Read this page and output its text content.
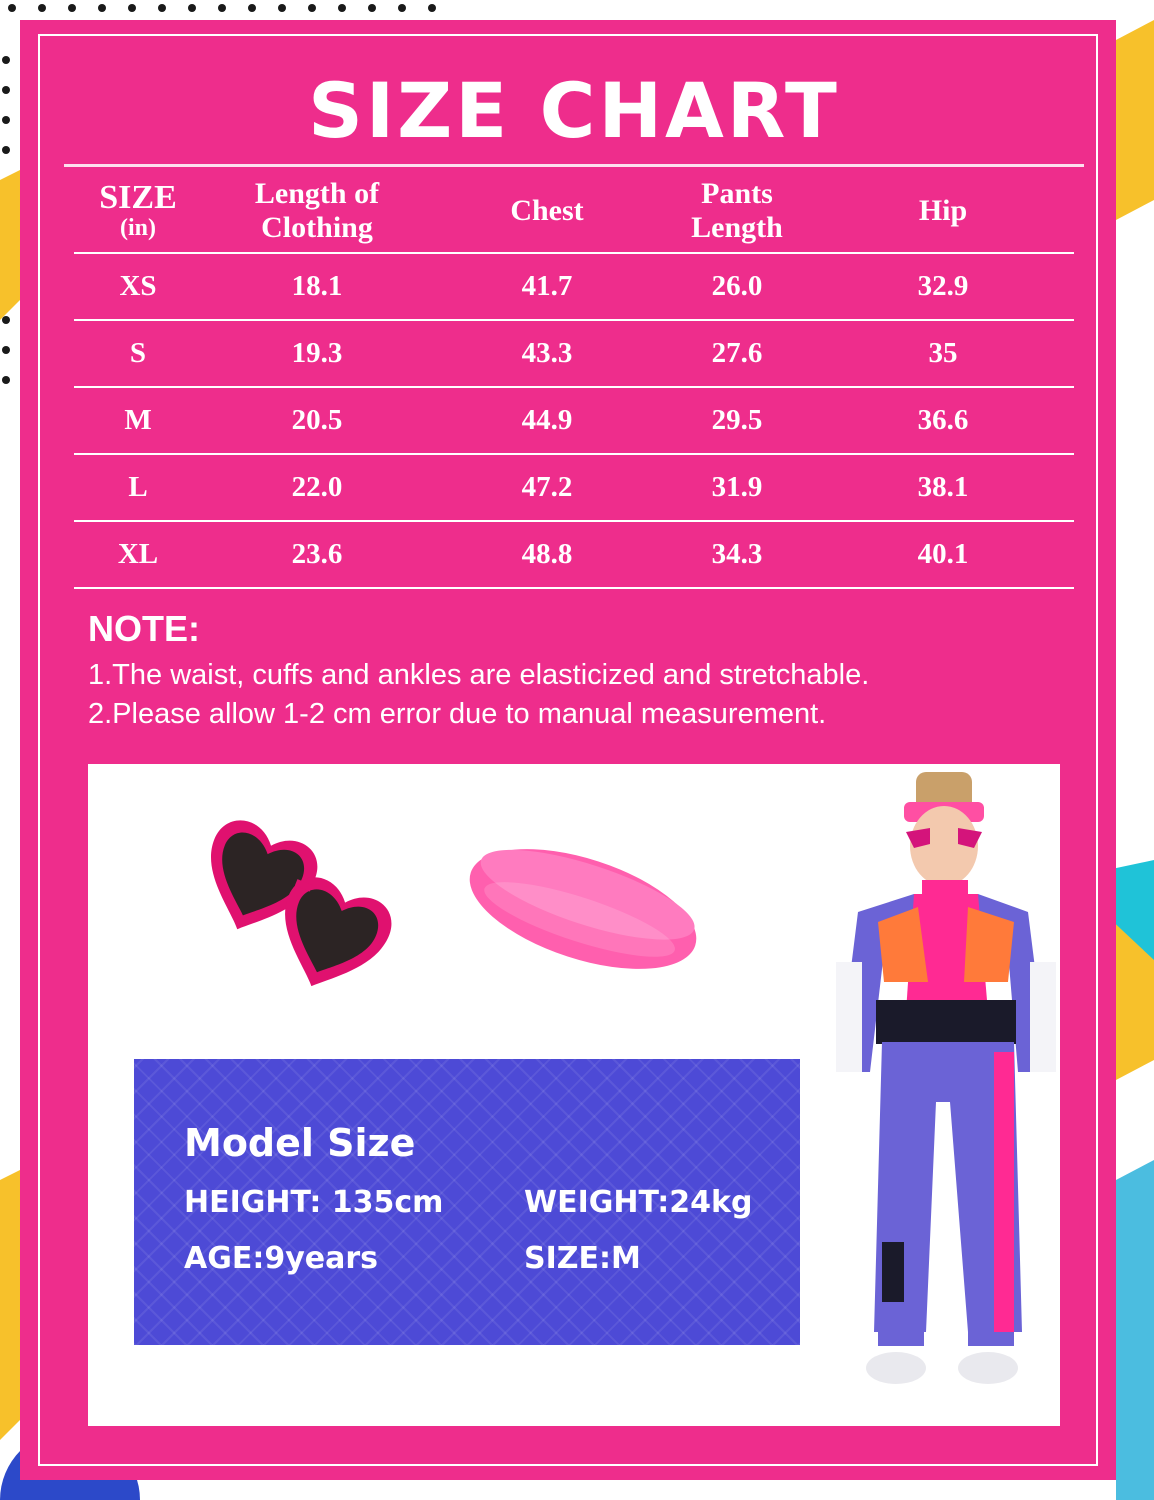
SIZE CHART
SIZE
(in)	Length of Clothing	Chest	Pants Length	Hip
XS	18.1	41.7	26.0	32.9
S	19.3	43.3	27.6	35
M	20.5	44.9	29.5	36.6
L	22.0	47.2	31.9	38.1
XL	23.6	48.8	34.3	40.1
NOTE:
1.The waist, cuffs and ankles are elasticized and stretchable.
2.Please allow 1-2 cm error due to manual measurement.
Model Size
HEIGHT: 135cm	WEIGHT:24kg
AGE:9years	SIZE:M
